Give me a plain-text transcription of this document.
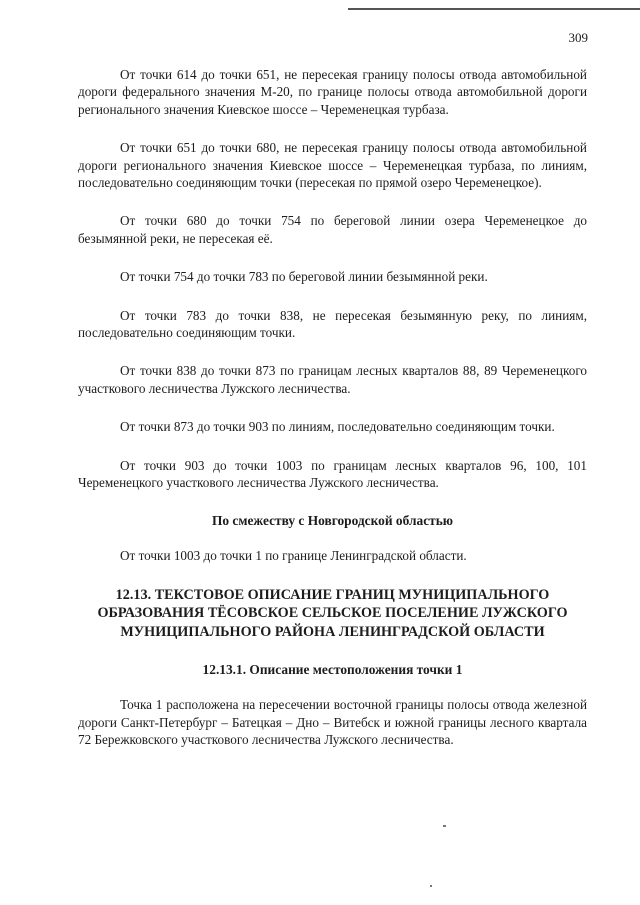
309

От точки 614 до точки 651, не пересекая границу полосы отвода автомобильной дороги федерального значения М-20, по границе полосы отвода автомобильной дороги регионального значения Киевское шоссе – Череменецкая турбаза.

От точки 651 до точки 680, не пересекая границу полосы отвода автомобильной дороги регионального значения Киевское шоссе – Череменецкая турбаза, по линиям, последовательно соединяющим точки (пересекая по прямой озеро Череменецкое).

От точки 680 до точки 754 по береговой линии озера Череменецкое до безымянной реки, не пересекая её.

От точки 754 до точки 783 по береговой линии безымянной реки.

От точки 783 до точки 838, не пересекая безымянную реку, по линиям, последовательно соединяющим точки.

От точки 838 до точки 873 по границам лесных кварталов 88, 89 Череменецкого участкового лесничества Лужского лесничества.

От точки 873 до точки 903 по линиям, последовательно соединяющим точки.

От точки 903 до точки 1003 по границам лесных кварталов 96, 100, 101 Череменецкого участкового лесничества Лужского лесничества.

По смежеству с Новгородской областью

От точки 1003 до точки 1 по границе Ленинградской области.

12.13. ТЕКСТОВОЕ ОПИСАНИЕ ГРАНИЦ МУНИЦИПАЛЬНОГО
ОБРАЗОВАНИЯ ТЁСОВСКОЕ СЕЛЬСКОЕ ПОСЕЛЕНИЕ ЛУЖСКОГО
МУНИЦИПАЛЬНОГО РАЙОНА ЛЕНИНГРАДСКОЙ ОБЛАСТИ
12.13.1. Описание местоположения точки 1

Точка 1 расположена на пересечении восточной границы полосы отвода железной дороги Санкт-Петербург – Батецкая – Дно – Витебск и южной границы лесного квартала 72 Бережковского участкового лесничества Лужского лесничества.
